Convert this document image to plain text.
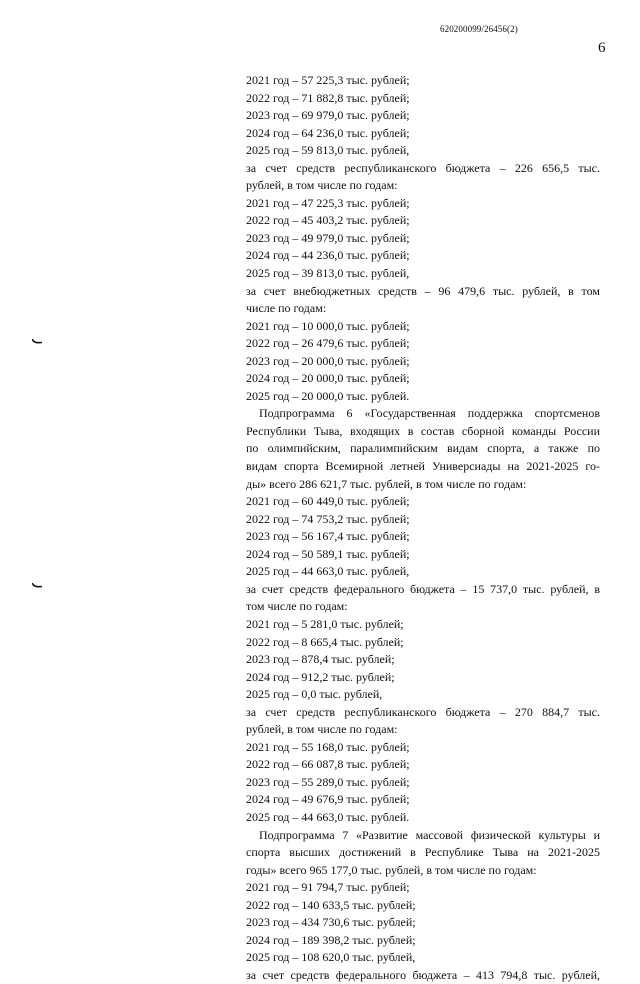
620200099/26456(2)
6
2021 год – 57 225,3 тыс. рублей;
2022 год – 71 882,8 тыс. рублей;
2023 год – 69 979,0 тыс. рублей;
2024 год – 64 236,0 тыс. рублей;
2025 год – 59 813,0 тыс. рублей,
за счет средств республиканского бюджета – 226 656,5 тыс.
рублей, в том числе по годам:
2021 год – 47 225,3 тыс. рублей;
2022 год – 45 403,2 тыс. рублей;
2023 год – 49 979,0 тыс. рублей;
2024 год – 44 236,0 тыс. рублей;
2025 год – 39 813,0 тыс. рублей,
за счет внебюджетных средств – 96 479,6 тыс. рублей, в том
числе по годам:
2021 год – 10 000,0 тыс. рублей;
2022 год – 26 479,6 тыс. рублей;
2023 год – 20 000,0 тыс. рублей;
2024 год – 20 000,0 тыс. рублей;
2025 год – 20 000,0 тыс. рублей.
Подпрограмма 6 «Государственная поддержка спортсменов
Республики Тыва, входящих в состав сборной команды России
по олимпийским, паралимпийским видам спорта, а также по
видам спорта Всемирной летней Универсиады на 2021-2025 го-
ды» всего 286 621,7 тыс. рублей, в том числе по годам:
2021 год – 60 449,0 тыс. рублей;
2022 год – 74 753,2 тыс. рублей;
2023 год – 56 167,4 тыс. рублей;
2024 год – 50 589,1 тыс. рублей;
2025 год – 44 663,0 тыс. рублей,
за счет средств федерального бюджета – 15 737,0 тыс. рублей, в
том числе по годам:
2021 год – 5 281,0 тыс. рублей;
2022 год – 8 665,4 тыс. рублей;
2023 год – 878,4 тыс. рублей;
2024 год – 912,2 тыс. рублей;
2025 год – 0,0 тыс. рублей,
за счет средств республиканского бюджета – 270 884,7 тыс.
рублей, в том числе по годам:
2021 год – 55 168,0 тыс. рублей;
2022 год – 66 087,8 тыс. рублей;
2023 год – 55 289,0 тыс. рублей;
2024 год – 49 676,9 тыс. рублей;
2025 год – 44 663,0 тыс. рублей.
Подпрограмма 7 «Развитие массовой физической культуры и
спорта высших достижений в Республике Тыва на 2021-2025
годы» всего 965 177,0 тыс. рублей, в том числе по годам:
2021 год – 91 794,7 тыс. рублей;
2022 год – 140 633,5 тыс. рублей;
2023 год – 434 730,6 тыс. рублей;
2024 год – 189 398,2 тыс. рублей;
2025 год – 108 620,0 тыс. рублей,
за счет средств федерального бюджета – 413 794,8 тыс. рублей,
